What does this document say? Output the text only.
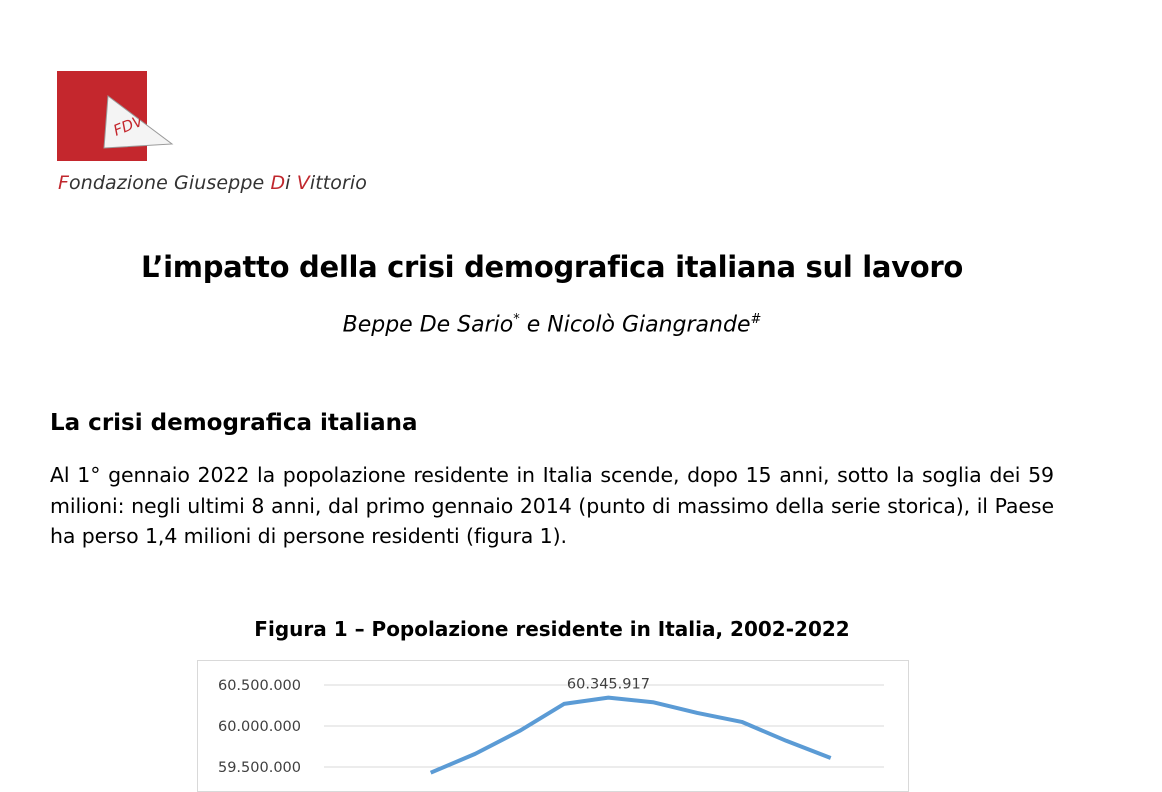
FDV
Fondazione Giuseppe Di Vittorio
L’impatto della crisi demografica italiana sul lavoro
Beppe De Sario* e Nicolò Giangrande#
La crisi demografica italiana
Al 1° gennaio 2022 la popolazione residente in Italia scende, dopo 15 anni, sotto la soglia dei 59 milioni: negli ultimi 8 anni, dal primo gennaio 2014 (punto di massimo della serie storica), il Paese ha perso 1,4 milioni di persone residenti (figura 1).
Figura 1 – Popolazione residente in Italia, 2002-2022
60.500.000
60.000.000
59.500.000
60.345.917
